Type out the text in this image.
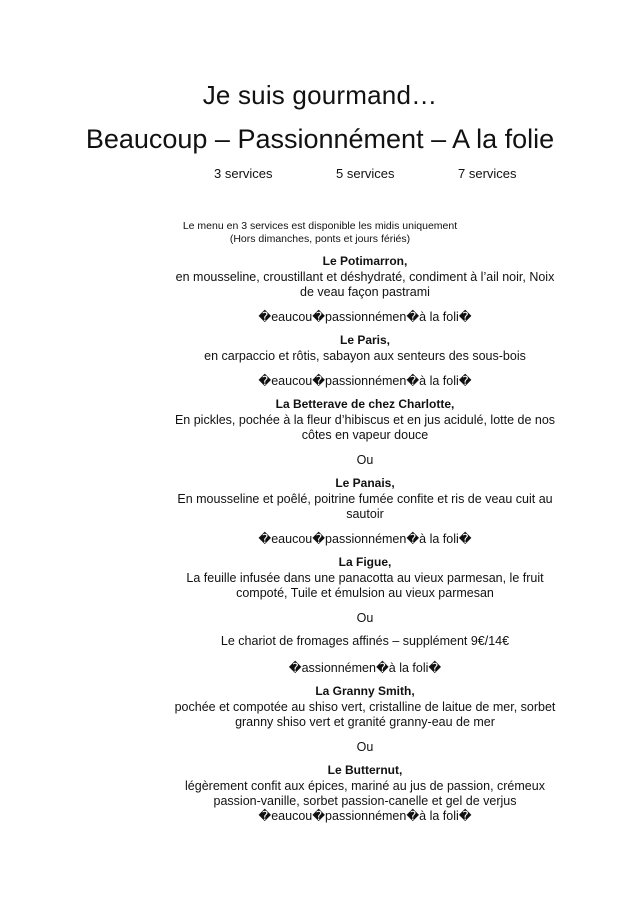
Je suis gourmand…
Beaucoup – Passionnément – A la folie
3 services	5 services	7 services
Le menu en 3 services est disponible les midis uniquement
(Hors dimanches, ponts et jours fériés)
Le Potimarron,
en mousseline, croustillant et déshydraté, condiment à l’ail noir, Noix de veau façon pastrami
�eaucou�passionnémen�à la foli�
Le Paris,
en carpaccio et rôtis, sabayon aux senteurs des sous-bois
�eaucou�passionnémen�à la foli�
La Betterave de chez Charlotte,
En pickles, pochée à la fleur d’hibiscus et en jus acidulé, lotte de nos côtes en vapeur douce
Ou
Le Panais,
En mousseline et poêlé, poitrine fumée confite et ris de veau cuit au sautoir
�eaucou�passionnémen�à la foli�
La Figue,
La feuille infusée dans une panacotta au vieux parmesan, le fruit compoté, Tuile et émulsion au vieux parmesan
Ou
Le chariot de fromages affinés – supplément 9€/14€
�assionnémen�à la foli�
La Granny Smith,
pochée et compotée au shiso vert, cristalline de laitue de mer, sorbet granny shiso vert et granité granny-eau de mer
Ou
Le Butternut,
légèrement confit aux épices, mariné au jus de passion, crémeux passion-vanille, sorbet passion-canelle et gel de verjus
�eaucou�passionnémen�à la foli�
